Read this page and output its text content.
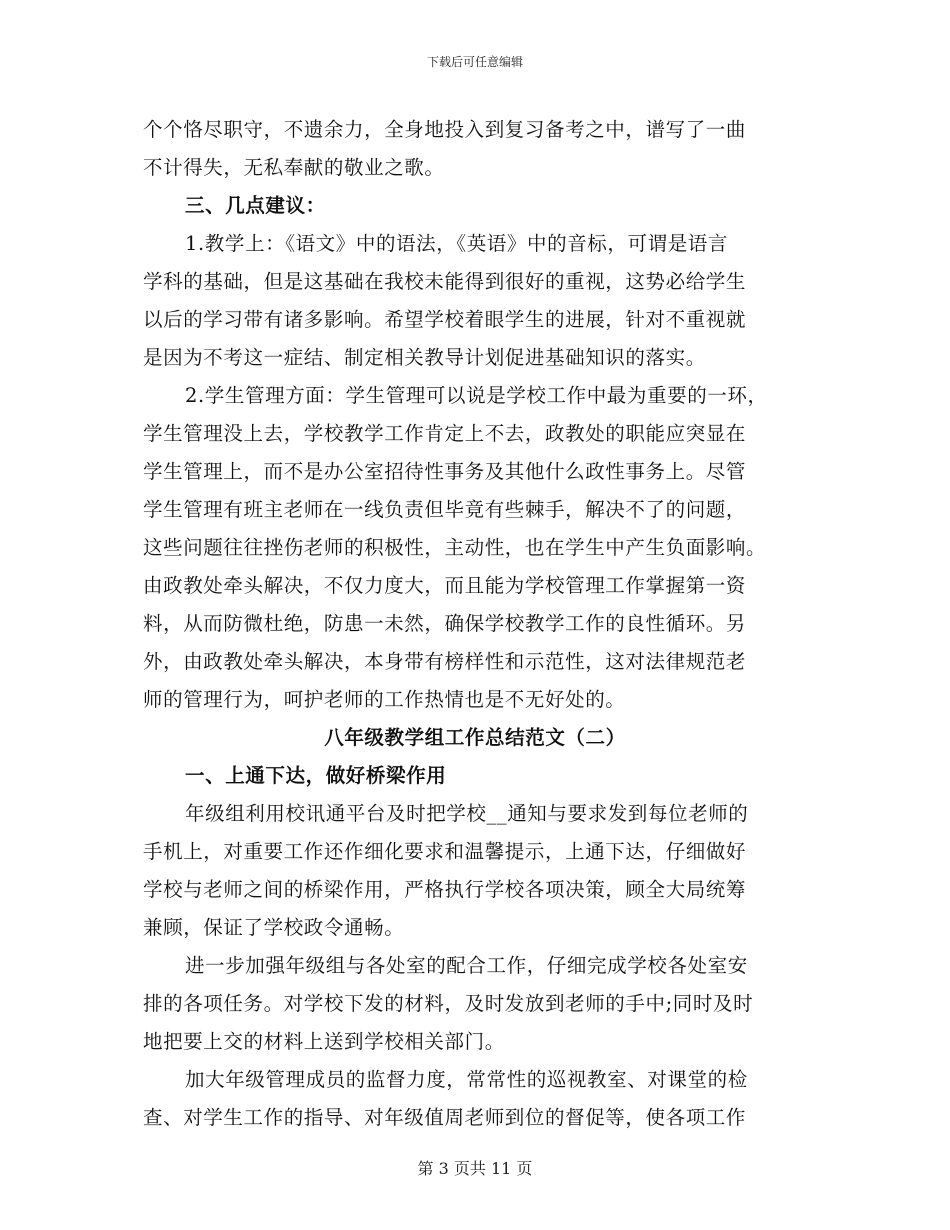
下载后可任意编辑
个个恪尽职守，不遗余力，全身地投入到复习备考之中，谱写了一曲
不计得失，无私奉献的敬业之歌。
三、几点建议：
1.教学上：《语文》中的语法，《英语》中的音标，可谓是语言
学科的基础，但是这基础在我校未能得到很好的重视，这势必给学生
以后的学习带有诸多影响。希望学校着眼学生的进展，针对不重视就
是因为不考这一症结、制定相关教导计划促进基础知识的落实。
2.学生管理方面：学生管理可以说是学校工作中最为重要的一环，
学生管理没上去，学校教学工作肯定上不去，政教处的职能应突显在
学生管理上，而不是办公室招待性事务及其他什么政性事务上。尽管
学生管理有班主老师在一线负责但毕竟有些棘手，解决不了的问题，
这些问题往往挫伤老师的积极性，主动性，也在学生中产生负面影响。
由政教处牵头解决，不仅力度大，而且能为学校管理工作掌握第一资
料，从而防微杜绝，防患一未然，确保学校教学工作的良性循环。另
外，由政教处牵头解决，本身带有榜样性和示范性，这对法律规范老
师的管理行为，呵护老师的工作热情也是不无好处的。
八年级教学组工作总结范文（二）
一、上通下达，做好桥梁作用
年级组利用校讯通平台及时把学校__通知与要求发到每位老师的
手机上，对重要工作还作细化要求和温馨提示，上通下达，仔细做好
学校与老师之间的桥梁作用，严格执行学校各项决策，顾全大局统筹
兼顾，保证了学校政令通畅。
进一步加强年级组与各处室的配合工作，仔细完成学校各处室安
排的各项任务。对学校下发的材料，及时发放到老师的手中;同时及时
地把要上交的材料上送到学校相关部门。
加大年级管理成员的监督力度，常常性的巡视教室、对课堂的检
查、对学生工作的指导、对年级值周老师到位的督促等，使各项工作
第 3 页共 11 页
